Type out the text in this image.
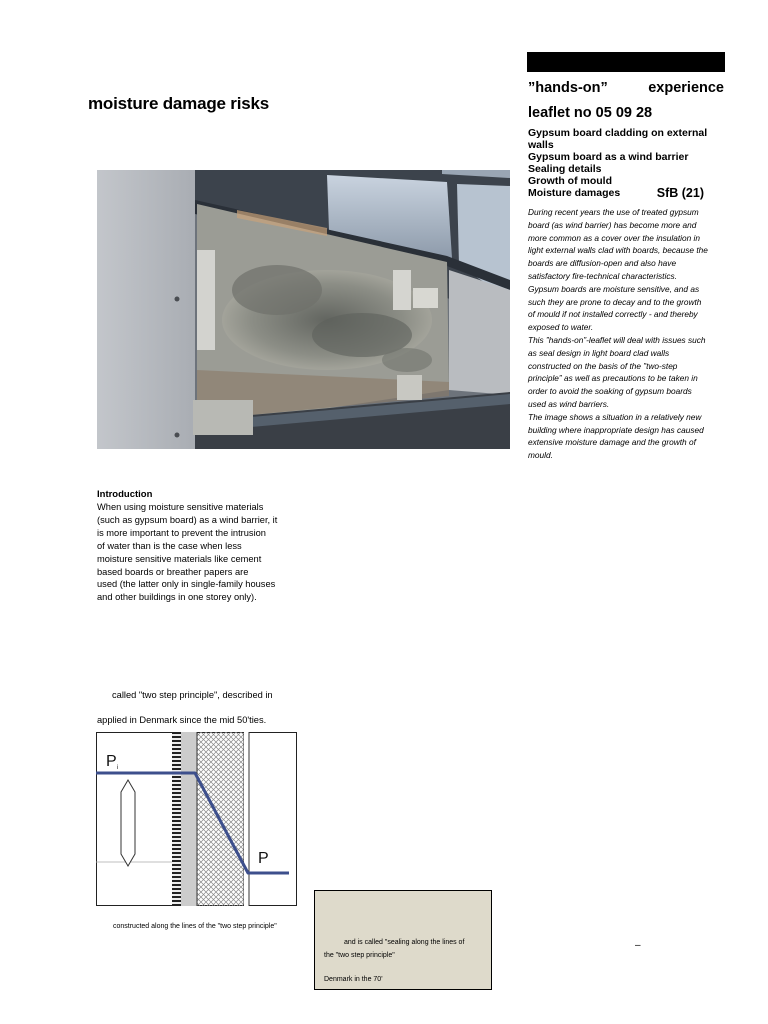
moisture damage risks
”hands-on”	experience
leaflet no 05 09 28
Gypsum board cladding on external walls
Gypsum board as a wind barrier
Sealing details
Growth of mould
Moisture damages	SfB (21)
During recent years the use of treated gypsum
board (as wind barrier) has become more and
more common as a cover over the insulation in
light external walls clad with boards, because the
boards are diffusion-open and also have
satisfactory fire-technical characteristics.
Gypsum boards are moisture sensitive, and as
such they are prone to decay and to the growth
of mould if not installed correctly - and thereby
exposed to water.
This ”hands-on”-leaflet will deal with issues such
as seal design in light board clad walls
constructed on the basis of the ”two-step
principle” as well as precautions to be taken in
order to avoid the soaking of gypsum boards
used as wind barriers.
The image shows a situation in a relatively new
building where inappropriate design has caused
extensive moisture damage and the growth of
mould.
Introduction
When using moisture sensitive materials
(such as gypsum board) as a wind barrier, it
is more important to prevent the intrusion
of water than is the case when less
moisture sensitive materials like cement
based boards or breather papers are
used (the latter only in single-family houses
and other buildings in one storey only).
called "two step principle", described in
applied in Denmark since the mid 50'ties.
P i
P
constructed along the lines of the "two step principle"
and is called "sealing along the lines of
the "two step principle"
Denmark in the 70'
–
